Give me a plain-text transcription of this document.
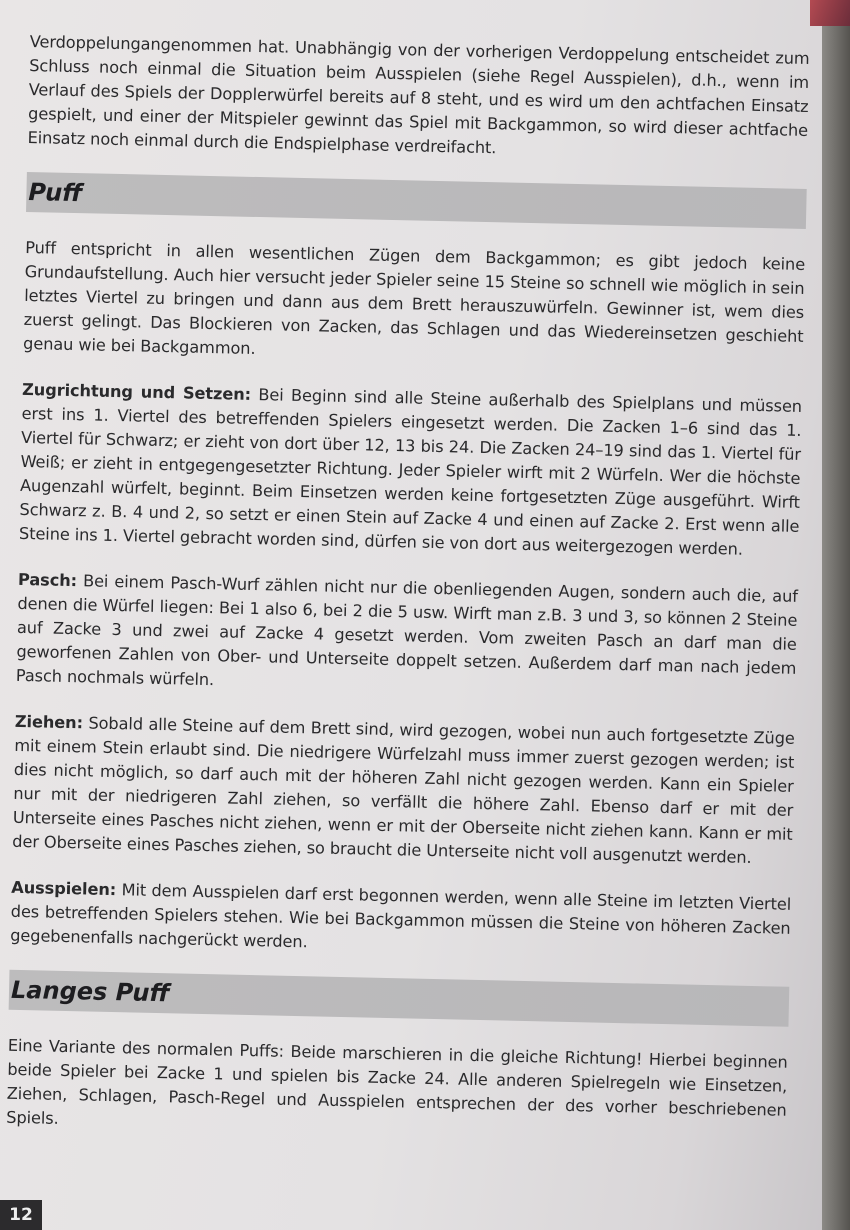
Verdoppelungangenommen hat. Unabhängig von der vorherigen Verdoppelung entscheidet zum Schluss noch einmal die Situation beim Ausspielen (siehe Regel Ausspielen), d.h., wenn im Verlauf des Spiels der Dopplerwürfel bereits auf 8 steht, und es wird um den achtfachen Einsatz gespielt, und einer der Mitspieler gewinnt das Spiel mit Backgammon, so wird dieser achtfache Einsatz noch einmal durch die Endspielphase verdreifacht.

Puff

Puff entspricht in allen wesentlichen Zügen dem Backgammon; es gibt jedoch keine Grundaufstellung. Auch hier versucht jeder Spieler seine 15 Steine so schnell wie möglich in sein letztes Viertel zu bringen und dann aus dem Brett herauszuwürfeln. Gewinner ist, wem dies zuerst gelingt. Das Blockieren von Zacken, das Schlagen und das Wiedereinsetzen geschieht genau wie bei Backgammon.

Zugrichtung und Setzen: Bei Beginn sind alle Steine außerhalb des Spielplans und müssen erst ins 1. Viertel des betreffenden Spielers eingesetzt werden. Die Zacken 1–6 sind das 1. Viertel für Schwarz; er zieht von dort über 12, 13 bis 24. Die Zacken 24–19 sind das 1. Viertel für Weiß; er zieht in entgegengesetzter Richtung. Jeder Spieler wirft mit 2 Würfeln. Wer die höchste Augenzahl würfelt, beginnt. Beim Einsetzen werden keine fortgesetzten Züge ausgeführt. Wirft Schwarz z. B. 4 und 2, so setzt er einen Stein auf Zacke 4 und einen auf Zacke 2. Erst wenn alle Steine ins 1. Viertel gebracht worden sind, dürfen sie von dort aus weitergezogen werden.

Pasch: Bei einem Pasch-Wurf zählen nicht nur die obenliegenden Augen, sondern auch die, auf denen die Würfel liegen: Bei 1 also 6, bei 2 die 5 usw. Wirft man z.B. 3 und 3, so können 2 Steine auf Zacke 3 und zwei auf Zacke 4 gesetzt werden. Vom zweiten Pasch an darf man die geworfenen Zahlen von Ober- und Unterseite doppelt setzen. Außerdem darf man nach jedem Pasch nochmals würfeln.

Ziehen: Sobald alle Steine auf dem Brett sind, wird gezogen, wobei nun auch fortgesetzte Züge mit einem Stein erlaubt sind. Die niedrigere Würfelzahl muss immer zuerst gezogen werden; ist dies nicht möglich, so darf auch mit der höheren Zahl nicht gezogen werden. Kann ein Spieler nur mit der niedrigeren Zahl ziehen, so verfällt die höhere Zahl. Ebenso darf er mit der Unterseite eines Pasches nicht ziehen, wenn er mit der Oberseite nicht ziehen kann. Kann er mit der Oberseite eines Pasches ziehen, so braucht die Unterseite nicht voll ausgenutzt werden.

Ausspielen: Mit dem Ausspielen darf erst begonnen werden, wenn alle Steine im letzten Viertel des betreffenden Spielers stehen. Wie bei Backgammon müssen die Steine von höheren Zacken gegebenenfalls nachgerückt werden.

Langes Puff

Eine Variante des normalen Puffs: Beide marschieren in die gleiche Richtung! Hierbei beginnen beide Spieler bei Zacke 1 und spielen bis Zacke 24. Alle anderen Spielregeln wie Einsetzen, Ziehen, Schlagen, Pasch-Regel und Ausspielen entsprechen der des vorher beschriebenen Spiels.

12
